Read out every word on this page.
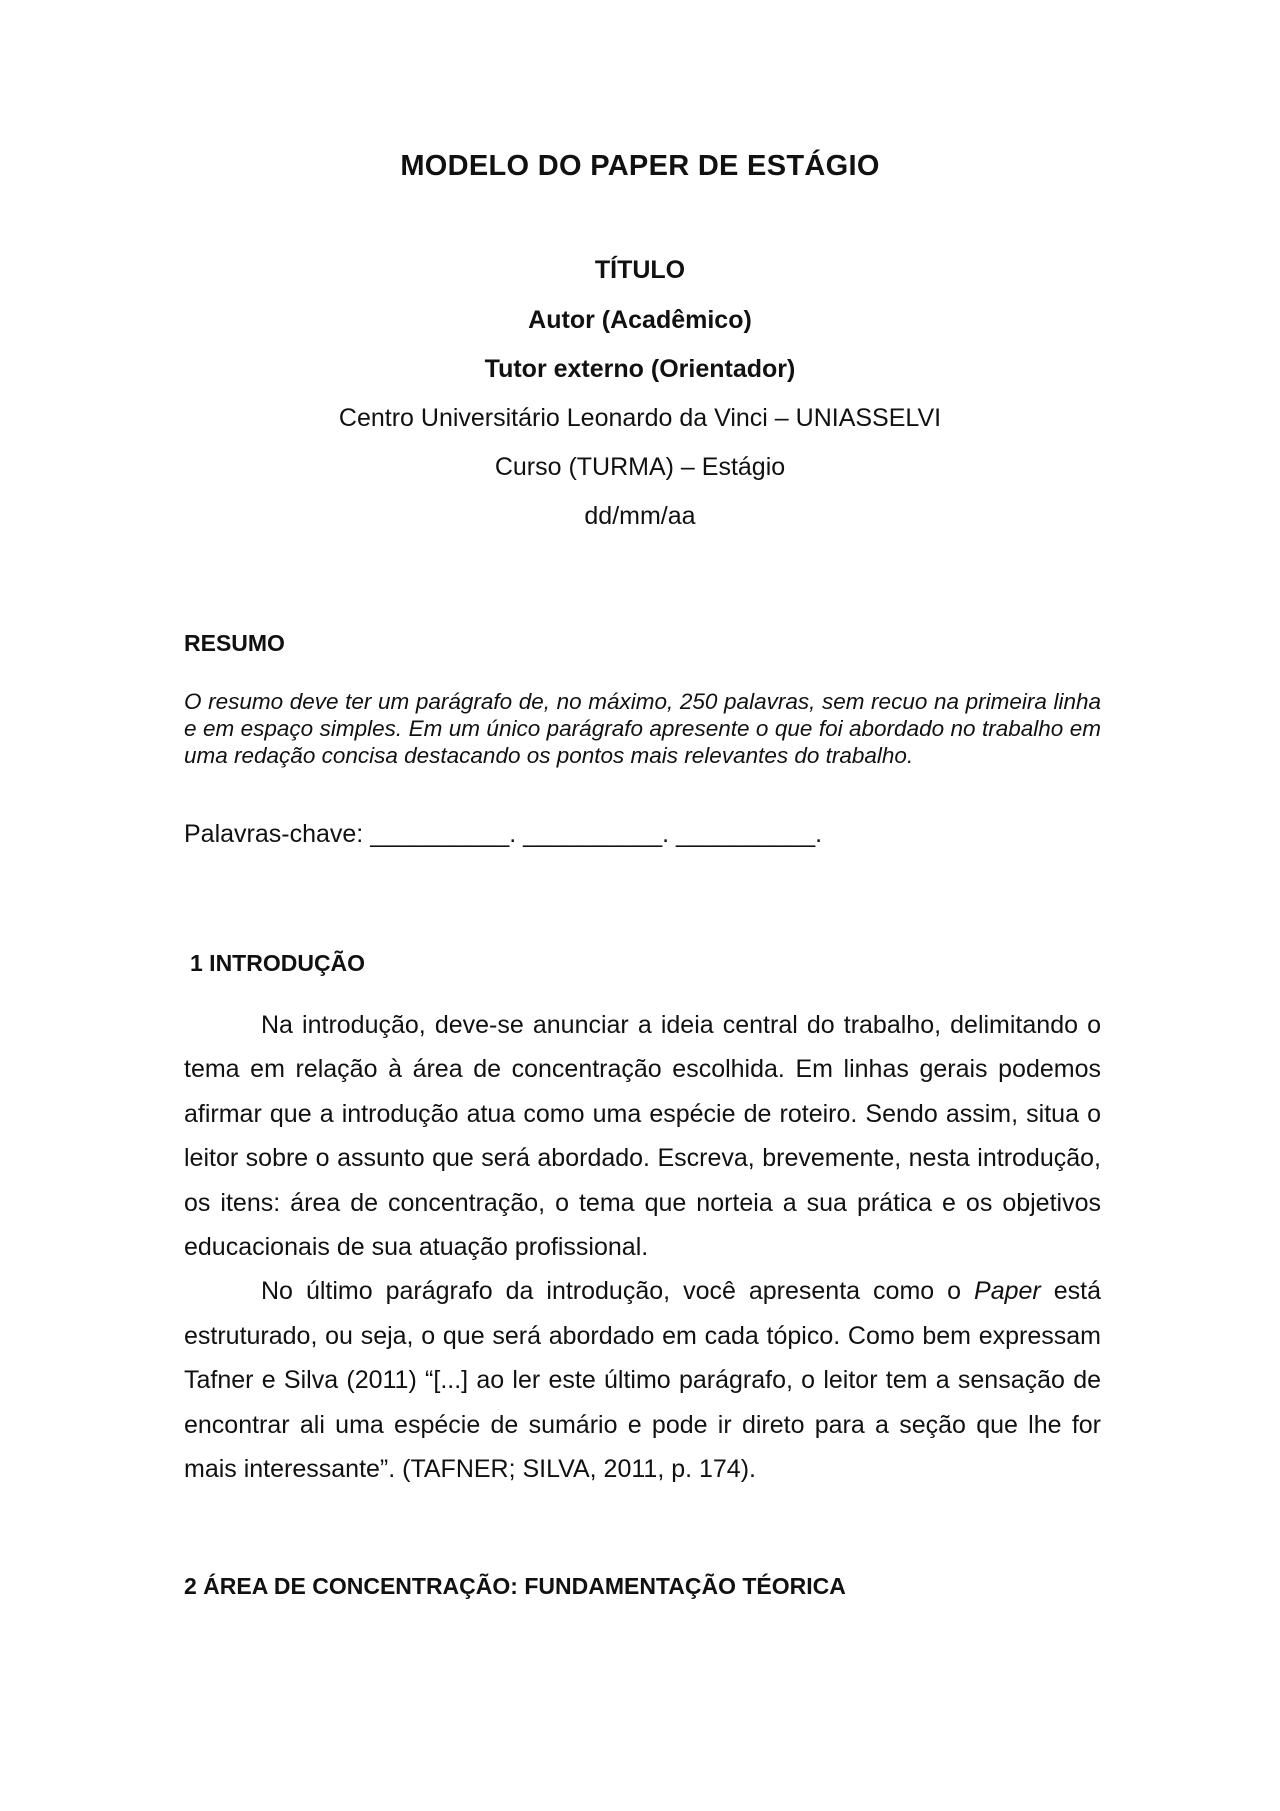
MODELO DO PAPER DE ESTÁGIO
TÍTULO
Autor (Acadêmico)
Tutor externo (Orientador)
Centro Universitário Leonardo da Vinci – UNIASSELVI
Curso (TURMA) – Estágio
dd/mm/aa
RESUMO

O resumo deve ter um parágrafo de, no máximo, 250 palavras, sem recuo na primeira linha e em espaço simples. Em um único parágrafo apresente o que foi abordado no trabalho em uma redação concisa destacando os pontos mais relevantes do trabalho.

Palavras-chave: __________. __________. __________.

1 INTRODUÇÃO

Na introdução, deve-se anunciar a ideia central do trabalho, delimitando o tema em relação à área de concentração escolhida. Em linhas gerais podemos afirmar que a introdução atua como uma espécie de roteiro. Sendo assim, situa o leitor sobre o assunto que será abordado. Escreva, brevemente, nesta introdução, os itens: área de concentração, o tema que norteia a sua prática e os objetivos educacionais de sua atuação profissional.

No último parágrafo da introdução, você apresenta como o Paper está estruturado, ou seja, o que será abordado em cada tópico. Como bem expressam Tafner e Silva (2011) “[...] ao ler este último parágrafo, o leitor tem a sensação de encontrar ali uma espécie de sumário e pode ir direto para a seção que lhe for mais interessante”. (TAFNER; SILVA, 2011, p. 174).

2 ÁREA DE CONCENTRAÇÃO: FUNDAMENTAÇÃO TÉORICA
